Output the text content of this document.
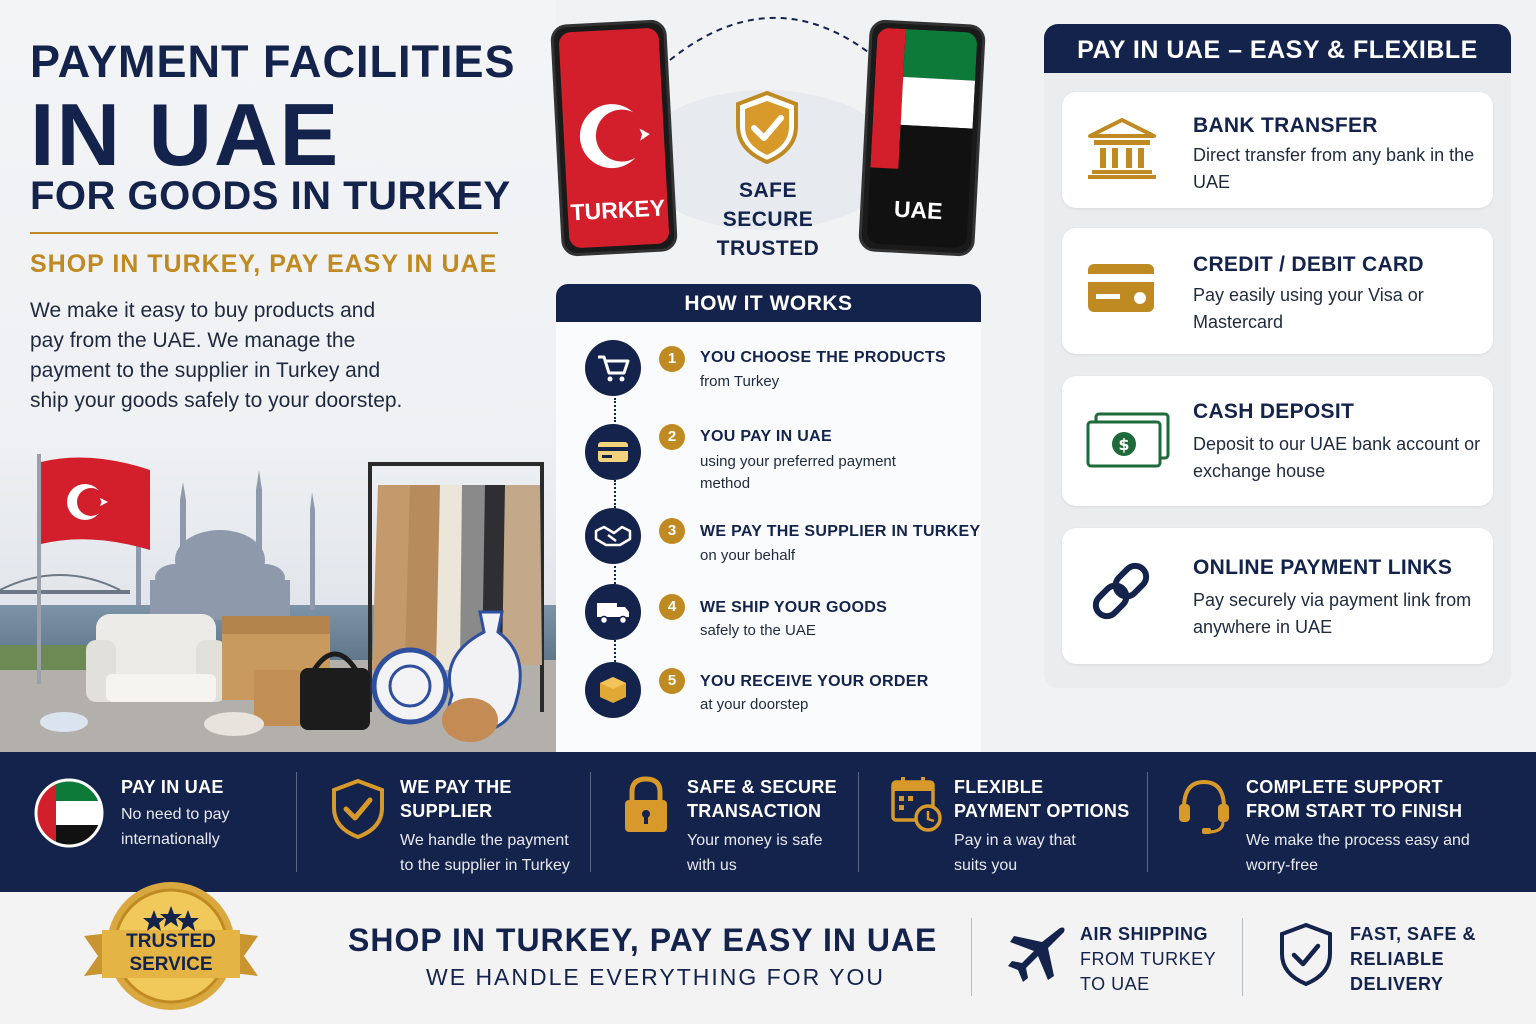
PAYMENT FACILITIES
IN UAE
FOR GOODS IN TURKEY
SHOP IN TURKEY, PAY EASY IN UAE
We make it easy to buy products and pay from the UAE. We manage the payment to the supplier in Turkey and ship your goods safely to your doorstep.
TURKEY	UAE
SAFE
SECURE
TRUSTED
HOW IT WORKS
1	YOU CHOOSE THE PRODUCTS
from Turkey
2	YOU PAY IN UAE
using your preferred payment method
3	WE PAY THE SUPPLIER IN TURKEY
on your behalf
4	WE SHIP YOUR GOODS
safely to the UAE
5	YOU RECEIVE YOUR ORDER
at your doorstep
PAY IN UAE – EASY & FLEXIBLE
BANK TRANSFER
Direct transfer from any bank in the UAE
CREDIT / DEBIT CARD
Pay easily using your Visa or Mastercard
$
CASH DEPOSIT
Deposit to our UAE bank account or exchange house
ONLINE PAYMENT LINKS
Pay securely via payment link from anywhere in UAE
PAY IN UAE
No need to pay internationally
WE PAY THE SUPPLIER
We handle the payment to the supplier in Turkey
SAFE & SECURE TRANSACTION
Your money is safe with us
FLEXIBLE PAYMENT OPTIONS
Pay in a way that suits you
COMPLETE SUPPORT FROM START TO FINISH
We make the process easy and worry-free
TRUSTED
SERVICE
SHOP IN TURKEY, PAY EASY IN UAE
WE HANDLE EVERYTHING FOR YOU
AIR SHIPPING
FROM TURKEY
TO UAE
FAST, SAFE &
RELIABLE
DELIVERY
